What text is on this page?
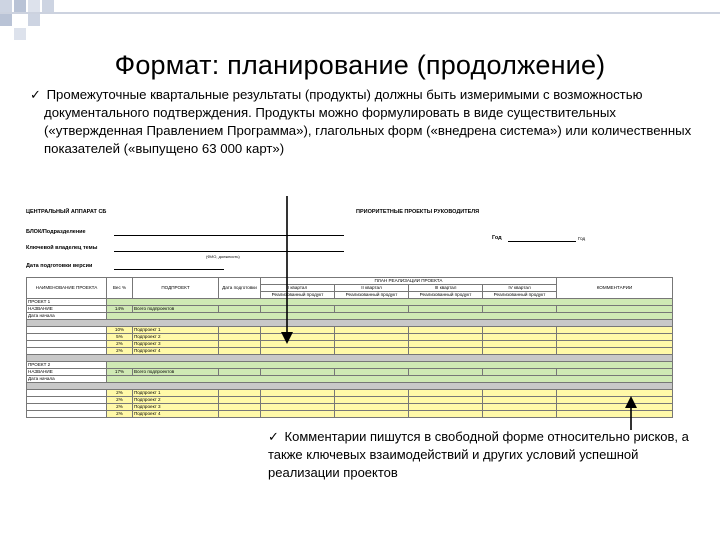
Формат: планирование (продолжение)
✓ Промежуточные квартальные результаты (продукты) должны быть измеримыми с возможностью
документального подтверждения. Продукты можно формулировать в виде существительных («утвержденная Правлением Программа»), глагольных форм («внедрена система») или количественных показателей («выпущено 63 000 карт»)
ЦЕНТРАЛЬНЫЙ АППАРАТ СБ	ПРИОРИТЕТНЫЕ ПРОЕКТЫ РУКОВОДИТЕЛЯ
БЛОК/Подразделение
Ключевой владелец темы
(ФИО, должность)
Дата подготовки версии
Год	Год
НАИМЕНОВАНИЕ ПРОЕКТА	Вес %	ПОДПРОЕКТ	Дата подготовки	ПЛАН РЕАЛИЗАЦИИ ПРОЕКТА				КОММЕНТАРИИ
				I квартал	II квартал	III квартал	IV квартал	
				Реализованный продукт	Реализованный продукт	Реализованный продукт	Реализованный продукт	
ПРОЕКТ 1								
НАЗВАНИЕ	14%	Всего подпроектов						
Дата начала								

	10%	Подпроект 1						
	5%	Подпроект 2						
	2%	Подпроект 3						
	2%	Подпроект 4						

ПРОЕКТ 2								
НАЗВАНИЕ	17%	Всего подпроектов						
Дата начала								

	2%	Подпроект 1						
	2%	Подпроект 2						
	2%	Подпроект 3						
	2%	Подпроект 4						
✓ Комментарии пишутся в свободной форме относительно рисков, а также ключевых взаимодействий и других условий успешной реализации проектов
